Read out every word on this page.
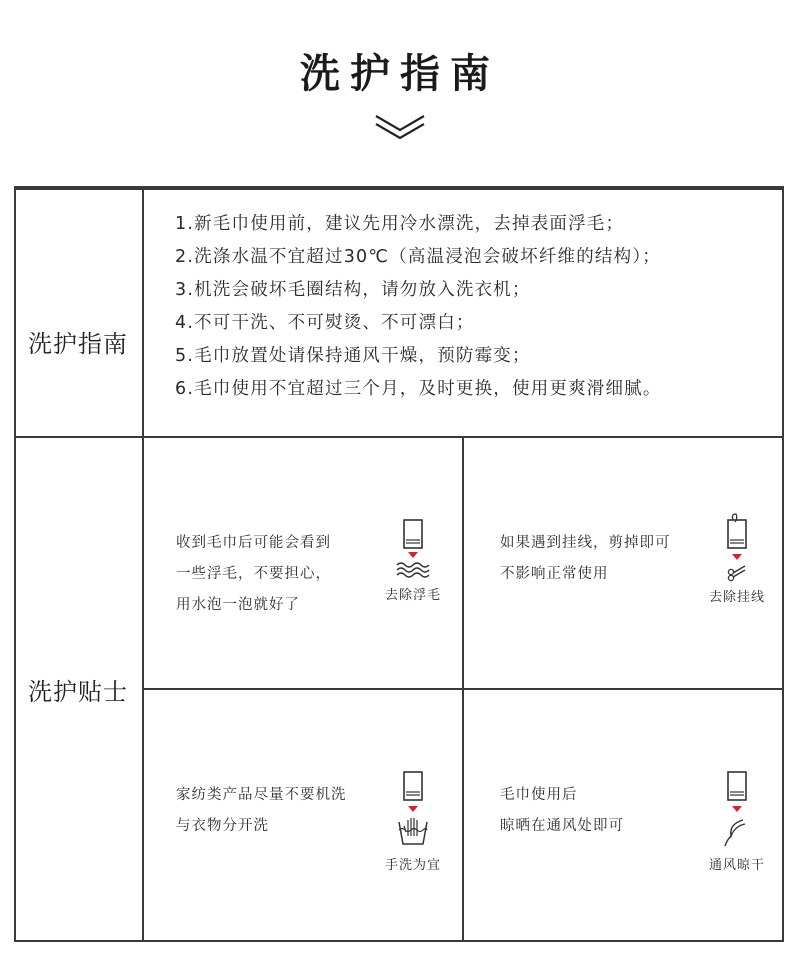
洗护指南
洗护指南
1.新毛巾使用前，建议先用冷水漂洗，去掉表面浮毛；
2.洗涤水温不宜超过30℃（高温浸泡会破坏纤维的结构）；
3.机洗会破坏毛圈结构，请勿放入洗衣机；
4.不可干洗、不可熨烫、不可漂白；
5.毛巾放置处请保持通风干燥，预防霉变；
6.毛巾使用不宜超过三个月，及时更换，使用更爽滑细腻。
洗护贴士
收到毛巾后可能会看到
一些浮毛，不要担心，
用水泡一泡就好了
去除浮毛
如果遇到挂线，剪掉即可
不影响正常使用
去除挂线
家纺类产品尽量不要机洗
与衣物分开洗
手洗为宜
毛巾使用后
晾晒在通风处即可
通风晾干
